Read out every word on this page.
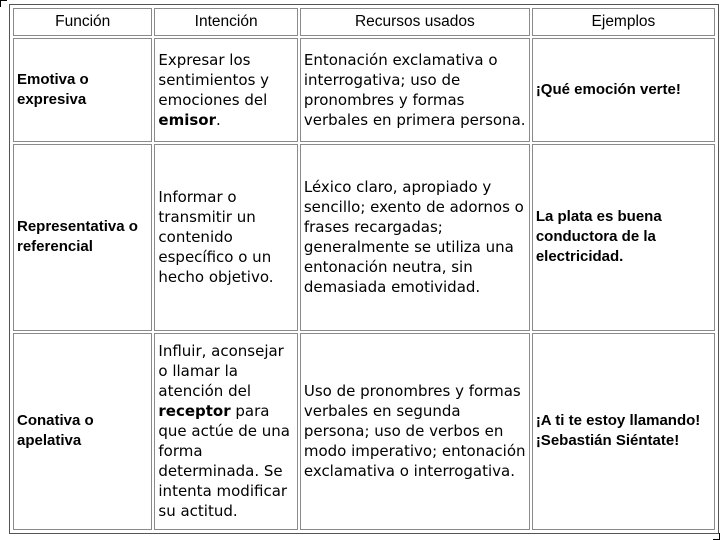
Función	Intención	Recursos usados	Ejemplos
Emotiva o expresiva	Expresar los sentimientos y emociones del emisor.	Entonación exclamativa o interrogativa; uso de pronombres y formas verbales en primera persona.	¡Qué emoción verte!
Representativa o referencial	Informar o transmitir un contenido específico o un hecho objetivo.	Léxico claro, apropiado y sencillo; exento de adornos o frases recargadas; generalmente se utiliza una entonación neutra, sin demasiada emotividad.	La plata es buena conductora de la electricidad.
Conativa o apelativa	Influir, aconsejar o llamar la atención del receptor para que actúe de una forma determinada. Se intenta modificar su actitud.	Uso de pronombres y formas verbales en segunda persona; uso de verbos en modo imperativo; entonación exclamativa o interrogativa.	¡A ti te estoy llamando! ¡Sebastián Siéntate!
